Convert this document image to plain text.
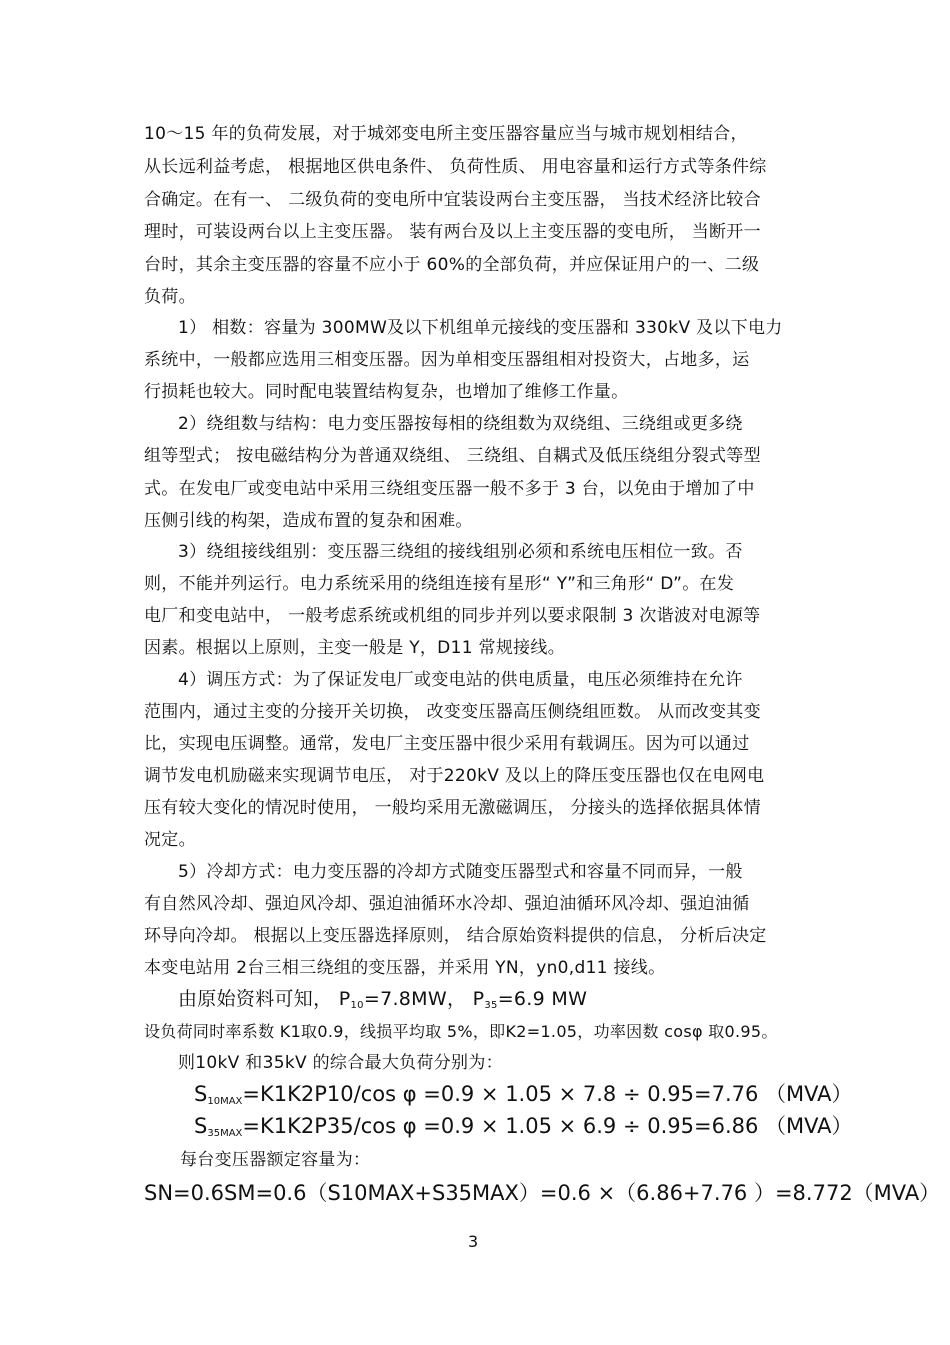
10～15 年的负荷发展，对于城郊变电所主变压器容量应当与城市规划相结合，
从长远利益考虑， 根据地区供电条件、 负荷性质、 用电容量和运行方式等条件综
合确定。在有一、 二级负荷的变电所中宜装设两台主变压器， 当技术经济比较合
理时，可装设两台以上主变压器。 装有两台及以上主变压器的变电所， 当断开一
台时，其余主变压器的容量不应小于 60%的全部负荷，并应保证用户的一、二级
负荷。
1） 相数：容量为 300MW及以下机组单元接线的变压器和 330kV 及以下电力
系统中，一般都应选用三相变压器。因为单相变压器组相对投资大，占地多，运
行损耗也较大。同时配电装置结构复杂，也增加了维修工作量。
2）绕组数与结构：电力变压器按每相的绕组数为双绕组、三绕组或更多绕
组等型式； 按电磁结构分为普通双绕组、 三绕组、自耦式及低压绕组分裂式等型
式。在发电厂或变电站中采用三绕组变压器一般不多于 3 台，以免由于增加了中
压侧引线的构架，造成布置的复杂和困难。
3）绕组接线组别：变压器三绕组的接线组别必须和系统电压相位一致。否
则，不能并列运行。电力系统采用的绕组连接有星形“ Y”和三角形“ D”。在发
电厂和变电站中， 一般考虑系统或机组的同步并列以要求限制 3 次谐波对电源等
因素。根据以上原则，主变一般是 Y，D11 常规接线。
4）调压方式：为了保证发电厂或变电站的供电质量，电压必须维持在允许
范围内，通过主变的分接开关切换， 改变变压器高压侧绕组匝数。 从而改变其变
比，实现电压调整。通常，发电厂主变压器中很少采用有载调压。因为可以通过
调节发电机励磁来实现调节电压， 对于220kV 及以上的降压变压器也仅在电网电
压有较大变化的情况时使用， 一般均采用无激磁调压， 分接头的选择依据具体情
况定。
5）冷却方式：电力变压器的冷却方式随变压器型式和容量不同而异，一般
有自然风冷却、强迫风冷却、强迫油循环水冷却、强迫油循环风冷却、强迫油循
环导向冷却。 根据以上变压器选择原则， 结合原始资料提供的信息， 分析后决定
本变电站用 2台三相三绕组的变压器，并采用 YN，yn0,d11 接线。
由原始资料可知， $P_{10}=7.8MW$， $P_{35}=6.9$ MW
设负荷同时率系数 K1取0.9，线损平均取 5%，即K2=1.05，功率因数 cosφ 取0.95。
则10kV 和35kV 的综合最大负荷分别为：
$S_{10MAX}=K1K2P10/\cos$ φ =0.9 × 1.05 × 7.8 ÷ 0.95=7.76 （MVA）
$S_{35MAX}=K1K2P35/\cos$ φ =0.9 × 1.05 × 6.9 ÷ 0.95=6.86 （MVA）
每台变压器额定容量为：
SN=0.6SM=0.6（S10MAX+S35MAX）=0.6 ×（6.86+7.76 ）=8.772（MVA）
3
